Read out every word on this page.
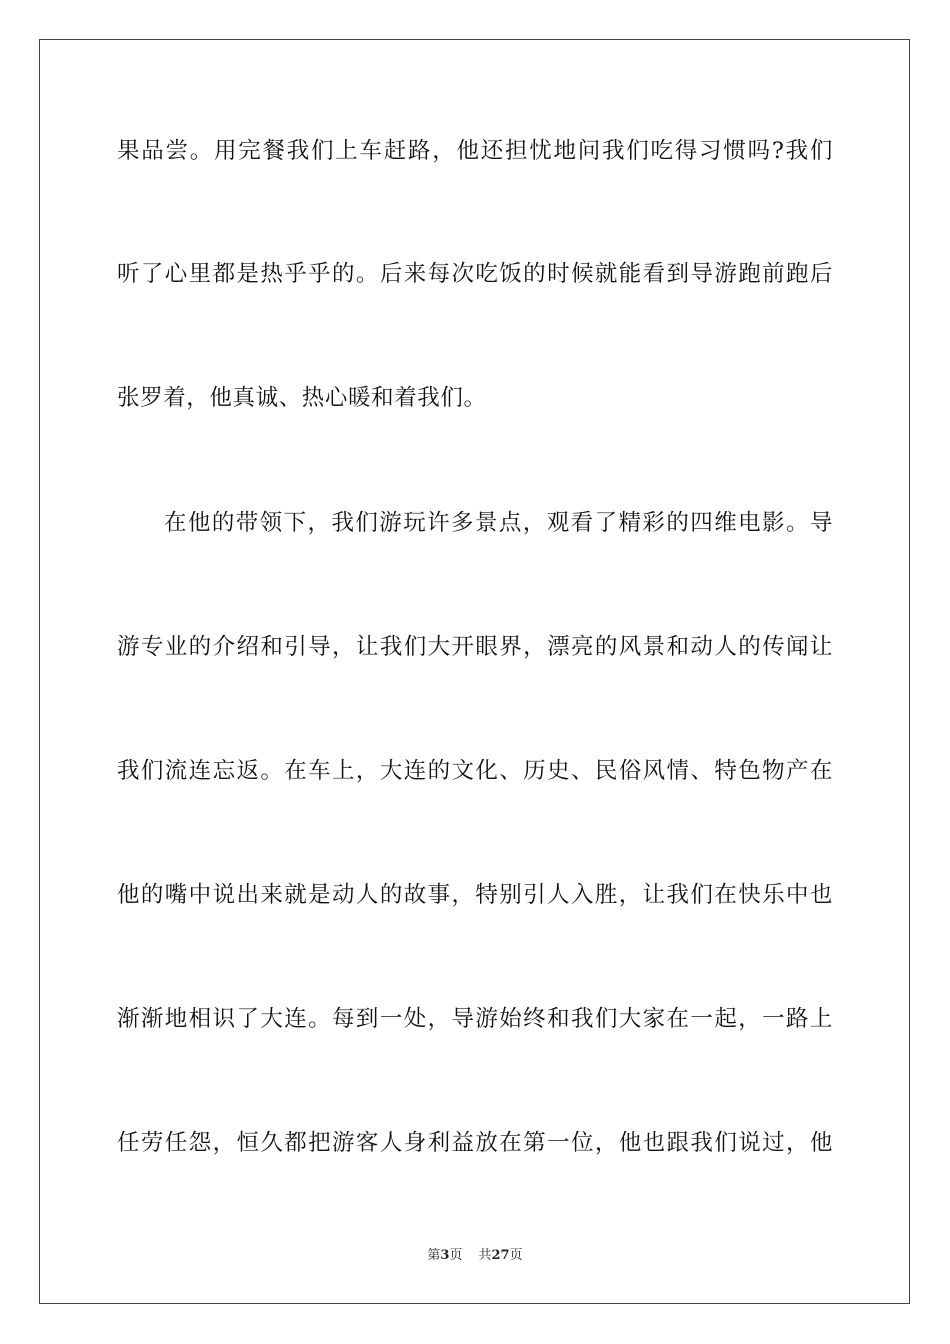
果品尝。用完餐我们上车赶路，他还担忧地问我们吃得习惯吗?我们
听了心里都是热乎乎的。后来每次吃饭的时候就能看到导游跑前跑后
张罗着，他真诚、热心暖和着我们。
在他的带领下，我们游玩许多景点，观看了精彩的四维电影。导
游专业的介绍和引导，让我们大开眼界，漂亮的风景和动人的传闻让
我们流连忘返。在车上，大连的文化、历史、民俗风情、特色物产在
他的嘴中说出来就是动人的故事，特别引人入胜，让我们在快乐中也
渐渐地相识了大连。每到一处，导游始终和我们大家在一起，一路上
任劳任怨，恒久都把游客人身利益放在第一位，他也跟我们说过，他
第3页 共27页
